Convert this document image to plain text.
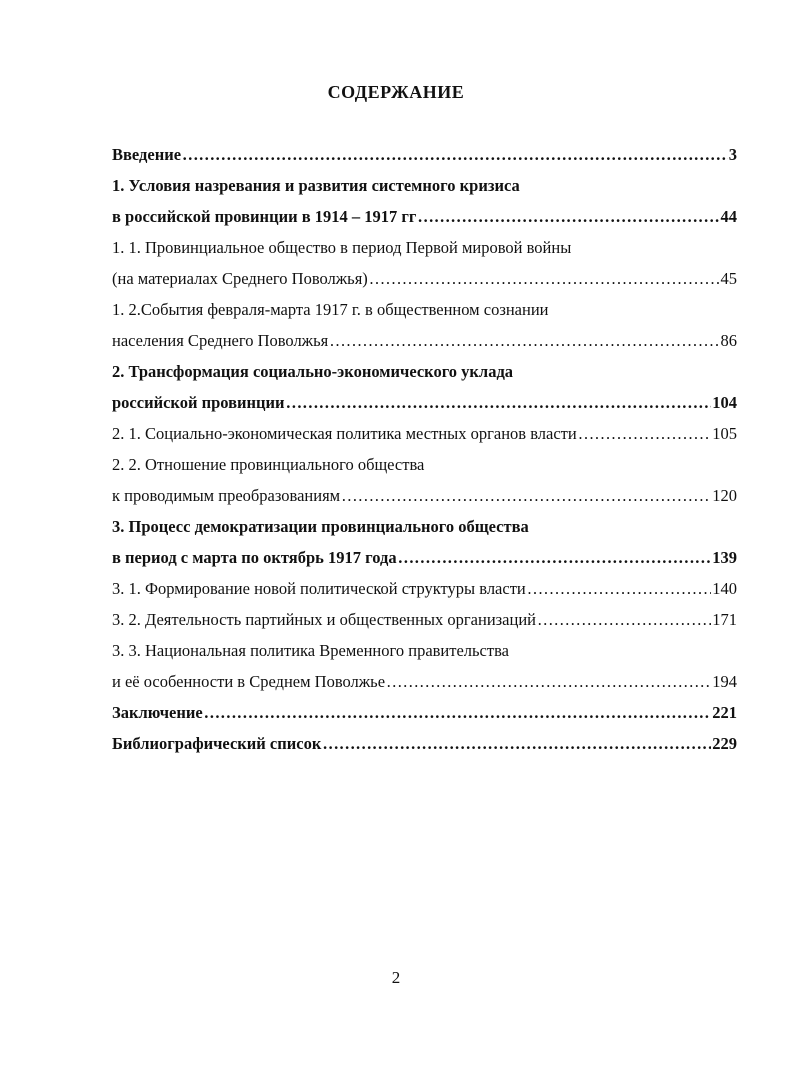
СОДЕРЖАНИЕ
Введение …………………………………………………………………………………………………………………………………………	3
1. Условия назревания и развития системного кризиса
в российской провинции в 1914 – 1917 гг …………………………………………………………………………………………………………………………………………	44
1. 1. Провинциальное общество в период Первой мировой войны
(на материалах Среднего Поволжья) …………………………………………………………………………………………………………………………………………	45
1. 2.События февраля-марта 1917 г. в общественном сознании
населения Среднего Поволжья …………………………………………………………………………………………………………………………………………	86
2. Трансформация социально-экономического уклада
российской провинции …………………………………………………………………………………………………………………………………………	104
2. 1. Социально-экономическая политика местных органов власти …………………………………………………………………………………………………………………………………………	105
2. 2. Отношение провинциального общества
к проводимым преобразованиям …………………………………………………………………………………………………………………………………………	120
3. Процесс демократизации провинциального общества
в период с марта по октябрь 1917 года …………………………………………………………………………………………………………………………………………	139
3. 1. Формирование новой политической структуры власти …………………………………………………………………………………………………………………………………………	140
3. 2. Деятельность партийных и общественных организаций …………………………………………………………………………………………………………………………………………	171
3. 3. Национальная политика Временного правительства
и её особенности в Среднем Поволжье …………………………………………………………………………………………………………………………………………	194
Заключение …………………………………………………………………………………………………………………………………………	221
Библиографический список …………………………………………………………………………………………………………………………………………	229
2
